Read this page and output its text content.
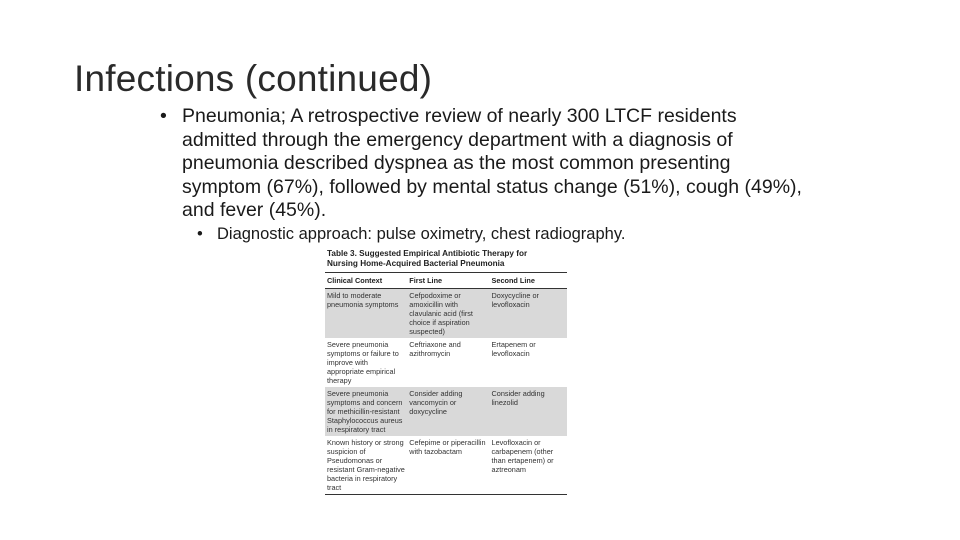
Infections (continued)
• Pneumonia; A retrospective review of nearly 300 LTCF residents admitted through the emergency department with a diagnosis of pneumonia described dyspnea as the most common presenting symptom (67%), followed by mental status change (51%), cough (49%), and fever (45%).
• Diagnostic approach: pulse oximetry, chest radiography.
Table 3. Suggested Empirical Antibiotic Therapy for
Nursing Home-Acquired Bacterial Pneumonia
Clinical Context	First Line	Second Line
Mild to moderate pneumonia symptoms	Cefpodoxime or amoxicillin with clavulanic acid (first choice if aspiration suspected)	Doxycycline or levofloxacin
Severe pneumonia symptoms or failure to improve with appropriate empirical therapy	Ceftriaxone and azithromycin	Ertapenem or levofloxacin
Severe pneumonia symptoms and concern for methicillin-resistant Staphylococcus aureus in respiratory tract	Consider adding vancomycin or doxycycline	Consider adding linezolid
Known history or strong suspicion of Pseudomonas or resistant Gram-negative bacteria in respiratory tract	Cefepime or piperacillin with tazobactam	Levofloxacin or carbapenem (other than ertapenem) or aztreonam
